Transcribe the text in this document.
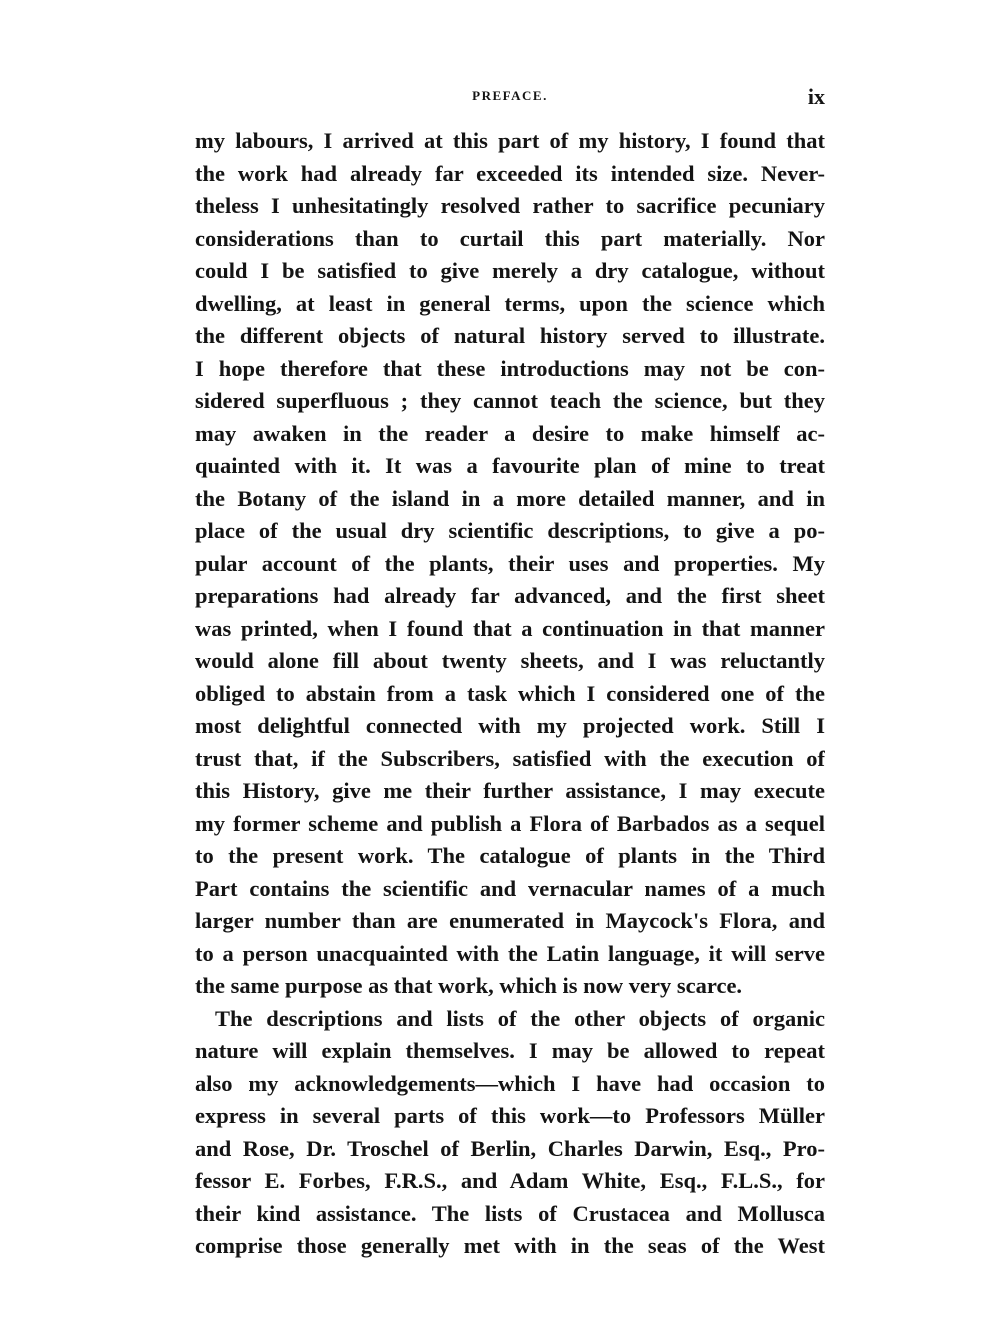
PREFACE.	ix
my labours, I arrived at this part of my history, I found that
the work had already far exceeded its intended size. Never-
theless I unhesitatingly resolved rather to sacrifice pecuniary
considerations than to curtail this part materially. Nor
could I be satisfied to give merely a dry catalogue, without
dwelling, at least in general terms, upon the science which
the different objects of natural history served to illustrate.
I hope therefore that these introductions may not be con-
sidered superfluous ; they cannot teach the science, but they
may awaken in the reader a desire to make himself ac-
quainted with it. It was a favourite plan of mine to treat
the Botany of the island in a more detailed manner, and in
place of the usual dry scientific descriptions, to give a po-
pular account of the plants, their uses and properties. My
preparations had already far advanced, and the first sheet
was printed, when I found that a continuation in that manner
would alone fill about twenty sheets, and I was reluctantly
obliged to abstain from a task which I considered one of the
most delightful connected with my projected work. Still I
trust that, if the Subscribers, satisfied with the execution of
this History, give me their further assistance, I may execute
my former scheme and publish a Flora of Barbados as a sequel
to the present work. The catalogue of plants in the Third
Part contains the scientific and vernacular names of a much
larger number than are enumerated in Maycock's Flora, and
to a person unacquainted with the Latin language, it will serve
the same purpose as that work, which is now very scarce.
The descriptions and lists of the other objects of organic
nature will explain themselves. I may be allowed to repeat
also my acknowledgements—which I have had occasion to
express in several parts of this work—to Professors Müller
and Rose, Dr. Troschel of Berlin, Charles Darwin, Esq., Pro-
fessor E. Forbes, F.R.S., and Adam White, Esq., F.L.S., for
their kind assistance. The lists of Crustacea and Mollusca
comprise those generally met with in the seas of the West
